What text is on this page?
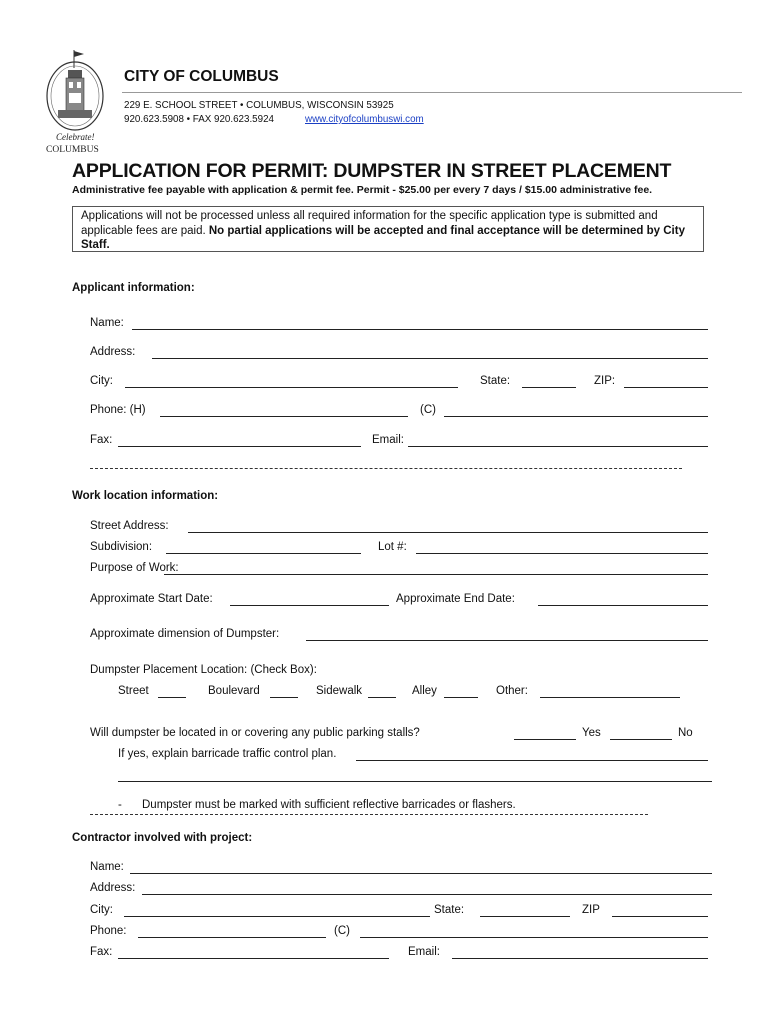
Celebrate!
COLUMBUS
CITY OF COLUMBUS
229 E. SCHOOL STREET • COLUMBUS, WISCONSIN 53925
920.623.5908 • FAX 920.623.5924	www.cityofcolumbuswi.com
APPLICATION FOR PERMIT: DUMPSTER IN STREET PLACEMENT
Administrative fee payable with application & permit fee. Permit - $25.00 per every 7 days / $15.00 administrative fee.
Applications will not be processed unless all required information for the specific application type is submitted and applicable fees are paid. No partial applications will be accepted and final acceptance will be determined by City Staff.
Applicant information:
Name:
Address:
City:	State:	ZIP:
Phone: (H)	(C)
Fax:	Email:
Work location information:
Street Address:
Subdivision:	Lot #:
Purpose of Work:
Approximate Start Date:	Approximate End Date:
Approximate dimension of Dumpster:
Dumpster Placement Location: (Check Box):
Street	Boulevard	Sidewalk	Alley	Other:
Will dumpster be located in or covering any public parking stalls?	Yes	No
If yes, explain barricade traffic control plan.
- Dumpster must be marked with sufficient reflective barricades or flashers.
Contractor involved with project:
Name:
Address:
City:	State:	ZIP
Phone:	(C)
Fax:	Email:
